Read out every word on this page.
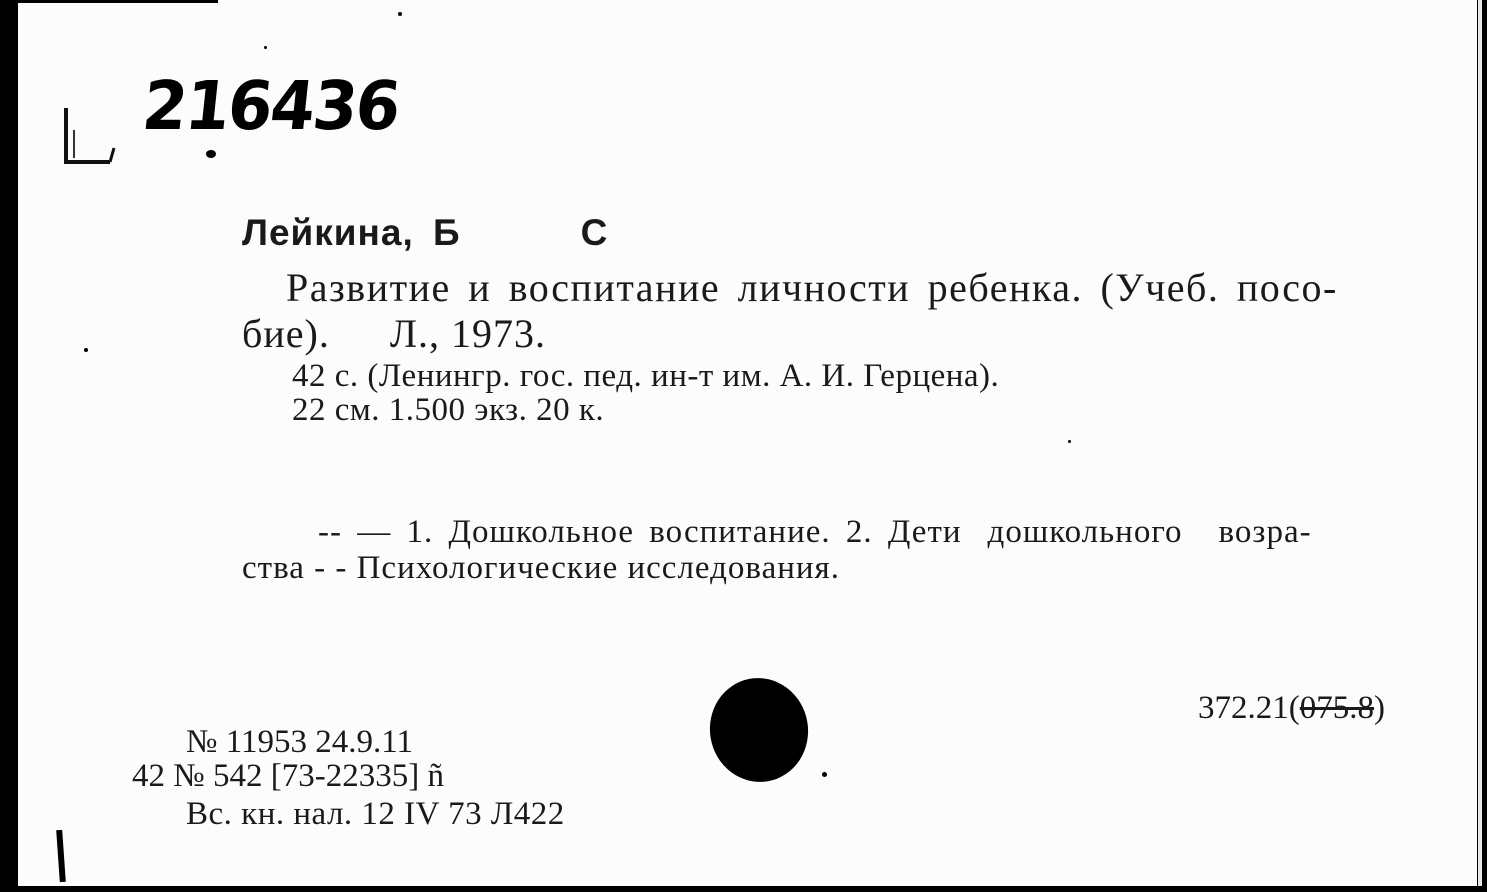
216436
Лейкина, Б	С
Развитие и воспитание личности ребенка. (Учеб. посо-
бие). Л., 1973.
42 с. (Ленингр. гос. пед. ин-т им. А. И. Герцена).
22 см. 1.500 экз. 20 к.
-- — 1. Дошкольное воспитание. 2. Дети дошкольного возра-
ства - - Психологические исследования.
372.21(075.8)
№ 11953 24.9.11
42 № 542 [73-22335] ñ
Вс. кн. нал. 12 IV 73 Л422
